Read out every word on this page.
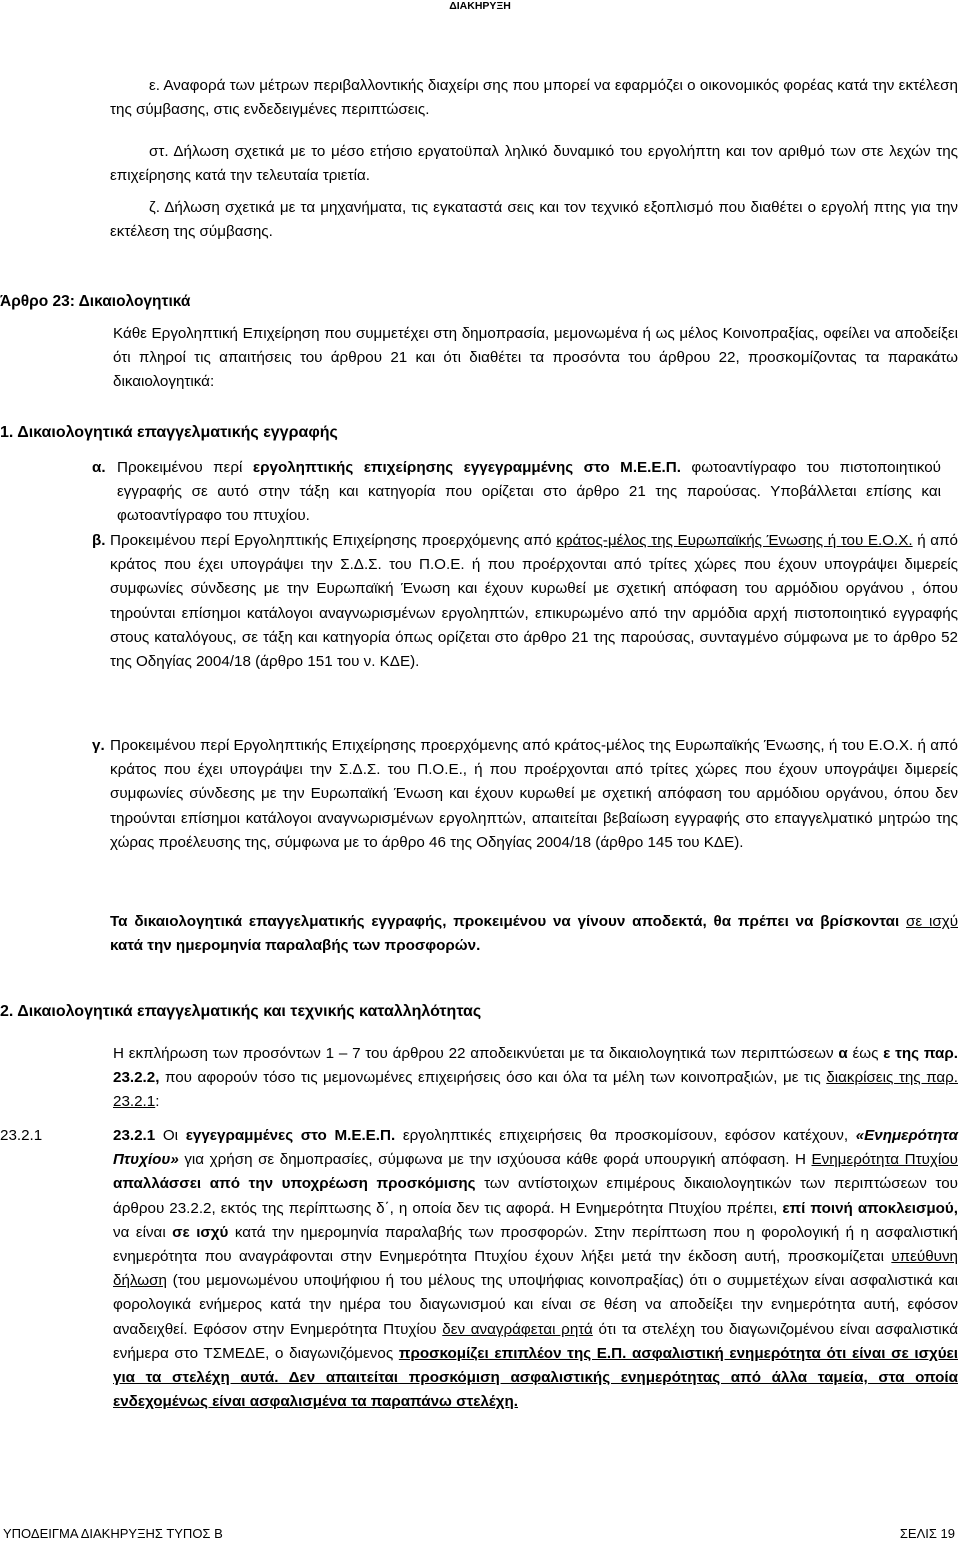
ΔΙΑΚΗΡΥΞΗ

ε. Αναφορά των μέτρων περιβαλλοντικής διαχείρι σης που μπορεί να εφαρμόζει ο οικονομικός φορέας κατά την εκτέλεση της σύμβασης, στις ενδεδειγμένες περιπτώσεις.

στ. Δήλωση σχετικά με το μέσο ετήσιο εργατοϋπαλ ληλικό δυναμικό του εργολήπτη και τον αριθμό των στε λεχών της επιχείρησης κατά την τελευταία τριετία.

ζ. Δήλωση σχετικά με τα μηχανήματα, τις εγκαταστά σεις και τον τεχνικό εξοπλισμό που διαθέτει ο εργολή πτης για την εκτέλεση της σύμβασης.

Άρθρο 23: Δικαιολογητικά

Κάθε Εργοληπτική Επιχείρηση που συμμετέχει στη δημοπρασία, μεμονωμένα ή ως μέλος Κοινοπραξίας, οφείλει να αποδείξει ότι πληροί τις απαιτήσεις του άρθρου 21 και ότι διαθέτει τα προσόντα του άρθρου 22, προσκομίζοντας τα παρακάτω δικαιολογητικά:

1. Δικαιολογητικά επαγγελματικής εγγραφής
α. Προκειμένου περί εργοληπτικής επιχείρησης εγγεγραμμένης στο Μ.Ε.Ε.Π. φωτοαντίγραφο του πιστοποιητικού εγγραφής σε αυτό στην τάξη και κατηγορία που ορίζεται στο άρθρο 21 της παρούσας. Υποβάλλεται επίσης και φωτοαντίγραφο του πτυχίου.

β. Προκειμένου περί Εργοληπτικής Επιχείρησης προερχόμενης από κράτος-μέλος της Ευρωπαϊκής Ένωσης ή του Ε.Ο.Χ. ή από κράτος που έχει υπογράψει την Σ.Δ.Σ. του Π.Ο.Ε. ή που προέρχονται από τρίτες χώρες που έχουν υπογράψει διμερείς συμφωνίες σύνδεσης με την Ευρωπαϊκή Ένωση και έχουν κυρωθεί με σχετική απόφαση του αρμόδιου οργάνου , όπου τηρούνται επίσημοι κατάλογοι αναγνωρισμένων εργοληπτών, επικυρωμένο από την αρμόδια αρχή πιστοποιητικό εγγραφής στους καταλόγους, σε τάξη και κατηγορία όπως ορίζεται στο άρθρο 21 της παρούσας, συνταγμένο σύμφωνα με το άρθρο 52 της Οδηγίας 2004/18 (άρθρο 151 του ν. ΚΔΕ).

γ. Προκειμένου περί Εργοληπτικής Επιχείρησης προερχόμενης από κράτος-μέλος της Ευρωπαϊκής Ένωσης, ή του Ε.Ο.Χ. ή από κράτος που έχει υπογράψει την Σ.Δ.Σ. του Π.Ο.Ε., ή που προέρχονται από τρίτες χώρες που έχουν υπογράψει διμερείς συμφωνίες σύνδεσης με την Ευρωπαϊκή Ένωση και έχουν κυρωθεί με σχετική απόφαση του αρμόδιου οργάνου, όπου δεν τηρούνται επίσημοι κατάλογοι αναγνωρισμένων εργοληπτών, απαιτείται βεβαίωση εγγραφής στο επαγγελματικό μητρώο της χώρας προέλευσης της, σύμφωνα με το άρθρο 46 της Οδηγίας 2004/18 (άρθρο 145 του ΚΔΕ).

Τα δικαιολογητικά επαγγελματικής εγγραφής, προκειμένου να γίνουν αποδεκτά, θα πρέπει να βρίσκονται σε ισχύ κατά την ημερομηνία παραλαβής των προσφορών.

2. Δικαιολογητικά επαγγελματικής και τεχνικής καταλληλότητας

Η εκπλήρωση των προσόντων 1 – 7 του άρθρου 22 αποδεικνύεται με τα δικαιολογητικά των περιπτώσεων α έως ε της παρ. 23.2.2, που αφορούν τόσο τις μεμονωμένες επιχειρήσεις όσο και όλα τα μέλη των κοινοπραξιών, με τις διακρίσεις της παρ. 23.2.1:

23.2.1	23.2.1 Οι εγγεγραμμένες στο Μ.Ε.Ε.Π. εργοληπτικές επιχειρήσεις θα προσκομίσουν, εφόσον κατέχουν, «Ενημερότητα Πτυχίου» για χρήση σε δημοπρασίες, σύμφωνα με την ισχύουσα κάθε φορά υπουργική απόφαση. Η Ενημερότητα Πτυχίου απαλλάσσει από την υποχρέωση προσκόμισης των αντίστοιχων επιμέρους δικαιολογητικών των περιπτώσεων του άρθρου 23.2.2, εκτός της περίπτωσης δ΄, η οποία δεν τις αφορά. Η Ενημερότητα Πτυχίου πρέπει, επί ποινή αποκλεισμού, να είναι σε ισχύ κατά την ημερομηνία παραλαβής των προσφορών. Στην περίπτωση που η φορολογική ή η ασφαλιστική ενημερότητα που αναγράφονται στην Ενημερότητα Πτυχίου έχουν λήξει μετά την έκδοση αυτή, προσκομίζεται υπεύθυνη δήλωση (του μεμονωμένου υποψήφιου ή του μέλους της υποψήφιας κοινοπραξίας) ότι ο συμμετέχων είναι ασφαλιστικά και φορολογικά ενήμερος κατά την ημέρα του διαγωνισμού και είναι σε θέση να αποδείξει την ενημερότητα αυτή, εφόσον αναδειχθεί. Εφόσον στην Ενημερότητα Πτυχίου δεν αναγράφεται ρητά ότι τα στελέχη του διαγωνιζομένου είναι ασφαλιστικά ενήμερα στο ΤΣΜΕΔΕ, ο διαγωνιζόμενος προσκομίζει επιπλέον της Ε.Π. ασφαλιστική ενημερότητα ότι είναι σε ισχύει για τα στελέχη αυτά. Δεν απαιτείται προσκόμιση ασφαλιστικής ενημερότητας από άλλα ταμεία, στα οποία ενδεχομένως είναι ασφαλισμένα τα παραπάνω στελέχη.

ΥΠΟΔΕΙΓΜΑ ΔΙΑΚΗΡΥΞΗΣ ΤΥΠΟΣ Β	ΣΕΛΙΣ 19
